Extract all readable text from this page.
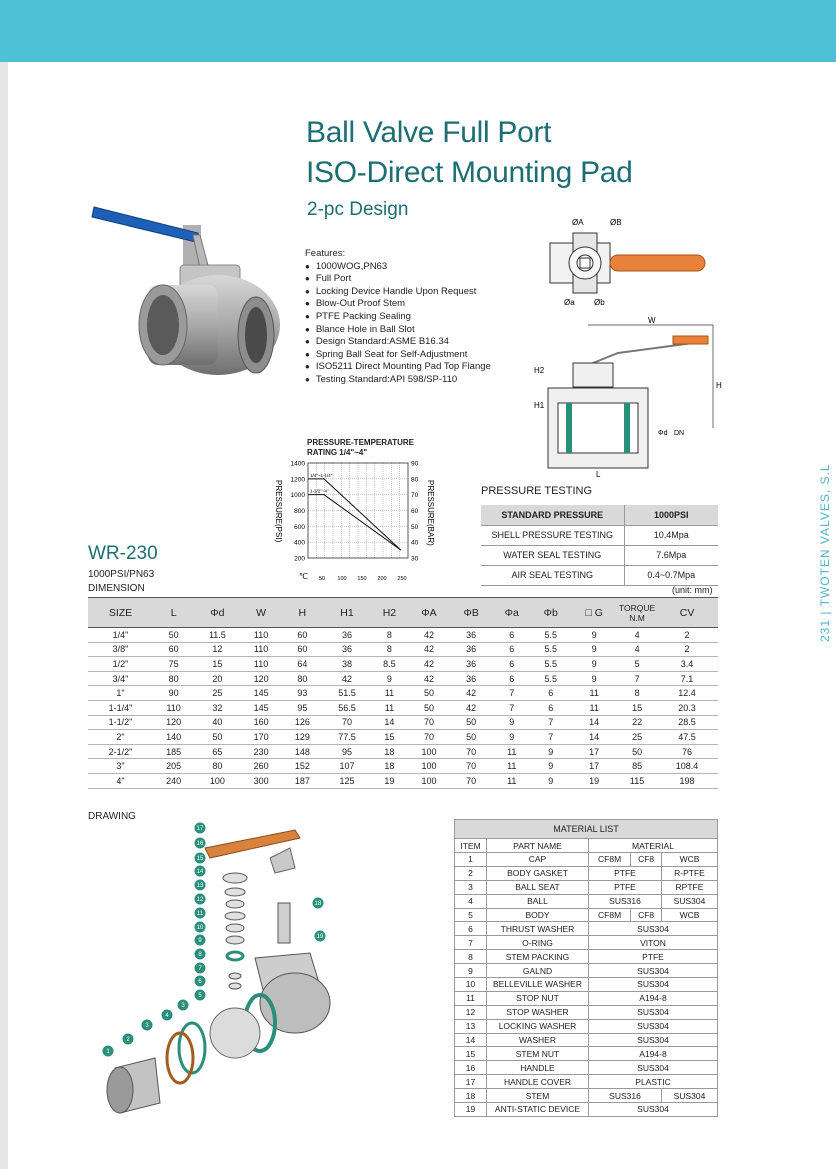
Ball Valve Full Port
ISO-Direct Mounting Pad
2-pc Design
Features:
● 1000WOG,PN63
● Full Port
● Locking Device Handle Upon Request
● Blow-Out Proof Stem
● PTFE Packing Sealing
● Blance Hole in Ball Slot
● Design Standard:ASME B16.34
● Spring Ball Seat for Self-Adjustment
● ISO5211 Direct Mounting Pad Top Flange
● Testing Standard:API 598/SP-110
ØA	ØB
Øa Øb
W
H
H1
H2
Φd DN
L
PRESSURE-TEMPERATURE RATING 1/4"~4"
1/4"~1-1/4"
1-1/2"~4"
200	30
400	40
600	50
800	60
1000	70
1200	80
1400	90
50 100 150 200 250
PRESSURE(PSI)	PRESSURE(BAR)
℃
PRESSURE TESTING
STANDARD PRESSURE	1000PSI
SHELL PRESSURE TESTING	10.4Mpa
WATER SEAL TESTING	7.6Mpa
AIR SEAL TESTING	0.4~0.7Mpa	231 | TWOTEN VALVES, S.L
WR-230
1000PSI/PN63
DIMENSION	(unit: mm)
SIZE	L	Φd	W	H	H1	H2	ΦA	ΦB	Φa	Φb	□ G	TORQUE N.M	CV
1/4"	50	11.5	110	60	36	8	42	36	6	5.5	9	4	2
3/8"	60	12	110	60	36	8	42	36	6	5.5	9	4	2
1/2"	75	15	110	64	38	8.5	42	36	6	5.5	9	5	3.4
3/4"	80	20	120	80	42	9	42	36	6	5.5	9	7	7.1
1"	90	25	145	93	51.5	11	50	42	7	6	11	8	12.4
1-1/4"	110	32	145	95	56.5	11	50	42	7	6	11	15	20.3
1-1/2"	120	40	160	126	70	14	70	50	9	7	14	22	28.5
2"	140	50	170	129	77.5	15	70	50	9	7	14	25	47.5
2-1/2"	185	65	230	148	95	18	100	70	11	9	17	50	76
3"	205	80	260	152	107	18	100	70	11	9	17	85	108.4
4"	240	100	300	187	125	19	100	70	11	9	19	115	198
DRAWING
17
16
15
14
13
12
11
10
9
8
7
6
5
18
19
4
3
3
2
1
MATERIAL LIST				
ITEM	PART NAME	MATERIAL		
1	CAP	CF8M	CF8	WCB
2	BODY GASKET	PTFE		R-PTFE
3	BALL SEAT	PTFE		RPTFE
4	BALL	SUS316		SUS304
5	BODY	CF8M	CF8	WCB
6	THRUST WASHER	SUS304		
7	O-RING	VITON		
8	STEM PACKING	PTFE		
9	GALND	SUS304		
10	BELLEVILLE WASHER	SUS304		
11	STOP NUT	A194-8		
12	STOP WASHER	SUS304		
13	LOCKING WASHER	SUS304		
14	WASHER	SUS304		
15	STEM NUT	A194-8		
16	HANDLE	SUS304		
17	HANDLE COVER	PLASTIC		
18	STEM	SUS316		SUS304
19	ANTI-STATIC DEVICE	SUS304		
